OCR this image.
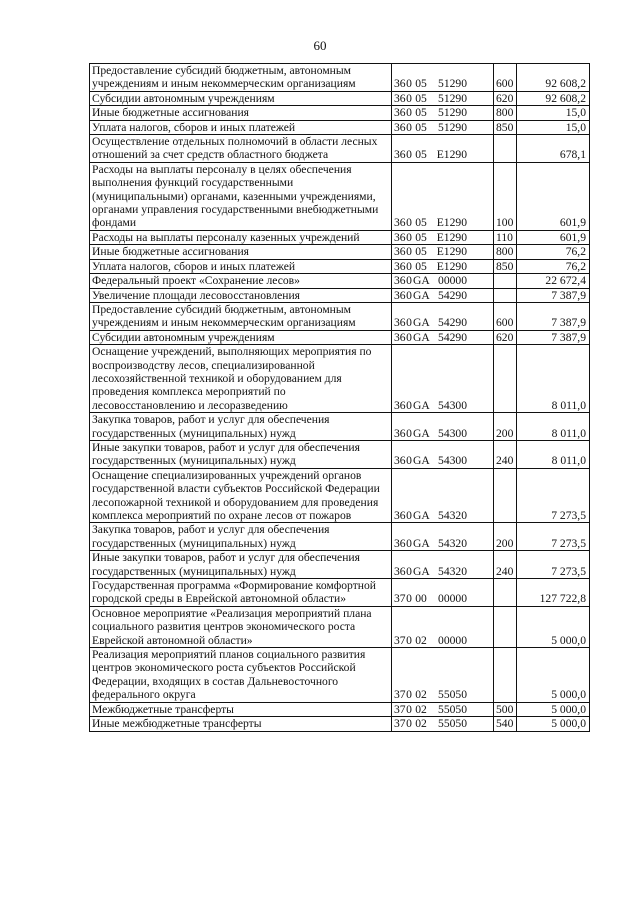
60
Предоставление субсидий бюджетным, автономным учреждениям и иным некоммерческим организациям	360 05 51290	600	92 608,2
Субсидии автономным учреждениям	360 05 51290	620	92 608,2
Иные бюджетные ассигнования	360 05 51290	800	15,0
Уплата налогов, сборов и иных платежей	360 05 51290	850	15,0
Осуществление отдельных полномочий в области лесных отношений за счет средств областного бюджета	360 05 Е1290		678,1
Расходы на выплаты персоналу в целях обеспечения выполнения функций государственными (муниципальными) органами, казенными учреждениями, органами управления государственными внебюджетными фондами	360 05 Е1290	100	601,9
Расходы на выплаты персоналу казенных учреждений	360 05 Е1290	110	601,9
Иные бюджетные ассигнования	360 05 Е1290	800	76,2
Уплата налогов, сборов и иных платежей	360 05 Е1290	850	76,2
Федеральный проект «Сохранение лесов»	360GA 00000		22 672,4
Увеличение площади лесовосстановления	360GA 54290		7 387,9
Предоставление субсидий бюджетным, автономным учреждениям и иным некоммерческим организациям	360GA 54290	600	7 387,9
Субсидии автономным учреждениям	360GA 54290	620	7 387,9
Оснащение учреждений, выполняющих мероприятия по воспроизводству лесов, специализированной лесохозяйственной техникой и оборудованием для проведения комплекса мероприятий по лесовосстановлению и лесоразведению	360GA 54300		8 011,0
Закупка товаров, работ и услуг для обеспечения государственных (муниципальных) нужд	360GA 54300	200	8 011,0
Иные закупки товаров, работ и услуг для обеспечения государственных (муниципальных) нужд	360GA 54300	240	8 011,0
Оснащение специализированных учреждений органов государственной власти субъектов Российской Федерации лесопожарной техникой и оборудованием для проведения комплекса мероприятий по охране лесов от пожаров	360GA 54320		7 273,5
Закупка товаров, работ и услуг для обеспечения государственных (муниципальных) нужд	360GA 54320	200	7 273,5
Иные закупки товаров, работ и услуг для обеспечения государственных (муниципальных) нужд	360GA 54320	240	7 273,5
Государственная программа «Формирование комфортной городской среды в Еврейской автономной области»	370 00 00000		127 722,8
Основное мероприятие «Реализация мероприятий плана социального развития центров экономического роста Еврейской автономной области»	370 02 00000		5 000,0
Реализация мероприятий планов социального развития центров экономического роста субъектов Российской Федерации, входящих в состав Дальневосточного федерального округа	370 02 55050		5 000,0
Межбюджетные трансферты	370 02 55050	500	5 000,0
Иные межбюджетные трансферты	370 02 55050	540	5 000,0
